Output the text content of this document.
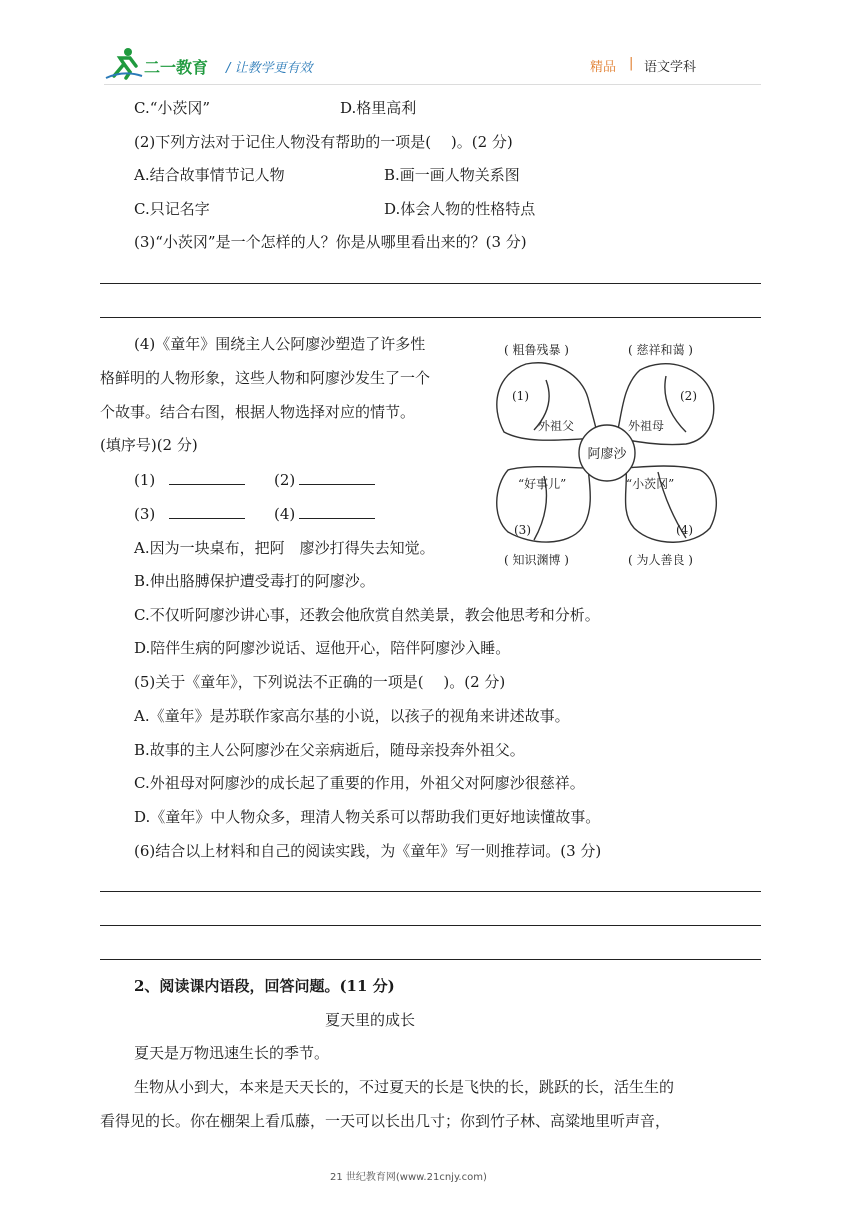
二一教育 / 让教学更有效	精品 | 语文学科
C.“小茨冈”	D.格里高利
(2)下列方法对于记住人物没有帮助的一项是(　 )。(2 分)
A.结合故事情节记人物	B.画一画人物关系图
C.只记名字	D.体会人物的性格特点
(3)“小茨冈”是一个怎样的人？你是从哪里看出来的？(3 分)
(4)《童年》围绕主人公阿廖沙塑造了许多性
格鲜明的人物形象，这些人物和阿廖沙发生了一个
个故事。结合右图，根据人物选择对应的情节。
(填序号)(2 分)
(1)	(2)
(3)	(4)
A.因为一块桌布，把阿　廖沙打得失去知觉。
B.伸出胳膊保护遭受毒打的阿廖沙。
C.不仅听阿廖沙讲心事，还教会他欣赏自然美景，教会他思考和分析。
D.陪伴生病的阿廖沙说话、逗他开心，陪伴阿廖沙入睡。
阿廖沙
( 粗鲁残暴 )	( 慈祥和蔼 )
( 知识渊博 )	( 为人善良 )
外祖父	外祖母
“好事儿”	“小茨冈”
(1)	(2)
(3)	(4)
(5)关于《童年》，下列说法不正确的一项是(　 )。(2 分)
A.《童年》是苏联作家高尔基的小说，以孩子的视角来讲述故事。
B.故事的主人公阿廖沙在父亲病逝后，随母亲投奔外祖父。
C.外祖母对阿廖沙的成长起了重要的作用，外祖父对阿廖沙很慈祥。
D.《童年》中人物众多，理清人物关系可以帮助我们更好地读懂故事。
(6)结合以上材料和自己的阅读实践，为《童年》写一则推荐词。(3 分)
2、阅读课内语段，回答问题。(11 分)
夏天里的成长
夏天是万物迅速生长的季节。
生物从小到大，本来是天天长的，不过夏天的长是飞快的长，跳跃的长，活生生的
看得见的长。你在棚架上看瓜藤，一天可以长出几寸；你到竹子林、高粱地里听声音，
21 世纪教育网(www.21cnjy.com)
